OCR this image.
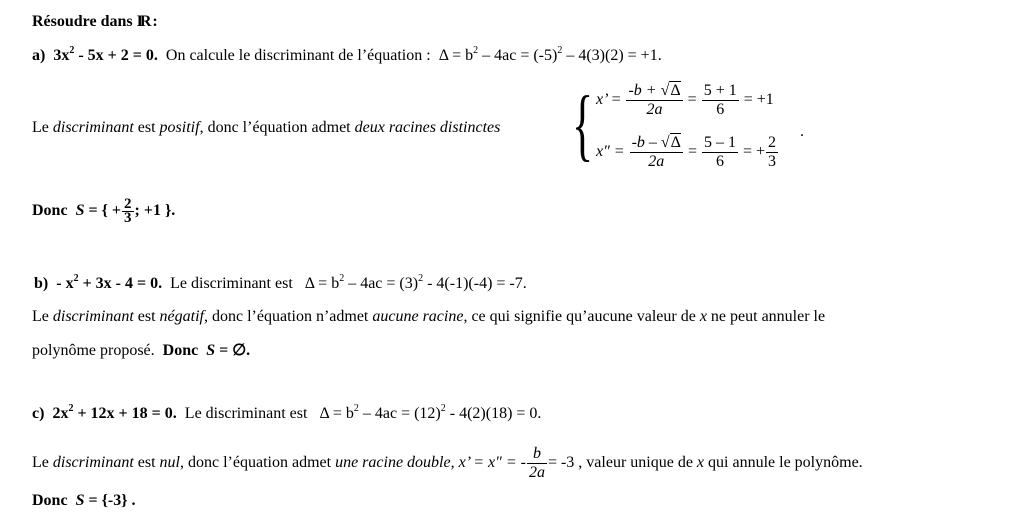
Résoudre dans IR :
a) $3x^2 - 5x + 2 = 0$. On calcule le discriminant de l’équation : $\Delta = b^2 - 4ac = (-5)^2 - 4(3)(2) = +1$.
Le discriminant est positif, donc l’équation admet deux racines distinctes { x’ = $\frac{-b + √\Delta}{2a} = \frac{5 + 1}{6} = +1$
$x'' = \frac{-b - √\Delta}{2a} = \frac{5 - 1}{6}$ = + $\frac{2}{3}$
.
Donc S = { + $\frac{2}{3}$ ; +1 }.
$b) - x^2 + 3x - 4 = 0$. Le discriminant est $\Delta = b^2 - 4ac = (3)^2 - 4(-1)(-4) = -7$.
Le discriminant est négatif, donc l’équation n’admet aucune racine, ce qui signifie qu’aucune valeur de x ne peut annuler le
polynôme proposé. Donc S = ∅.
c) $2x^2 + 12x + 18 = 0$. Le discriminant est $\Delta = b^2 - 4ac = (12)^2 - 4(2)(18) = 0$.
Le discriminant est nul, donc l’équation admet une racine double, x’ = x″ = - $\frac{b}{2a} = -3$ , valeur unique de x qui annule le polynôme.
Donc S = {-3} .
